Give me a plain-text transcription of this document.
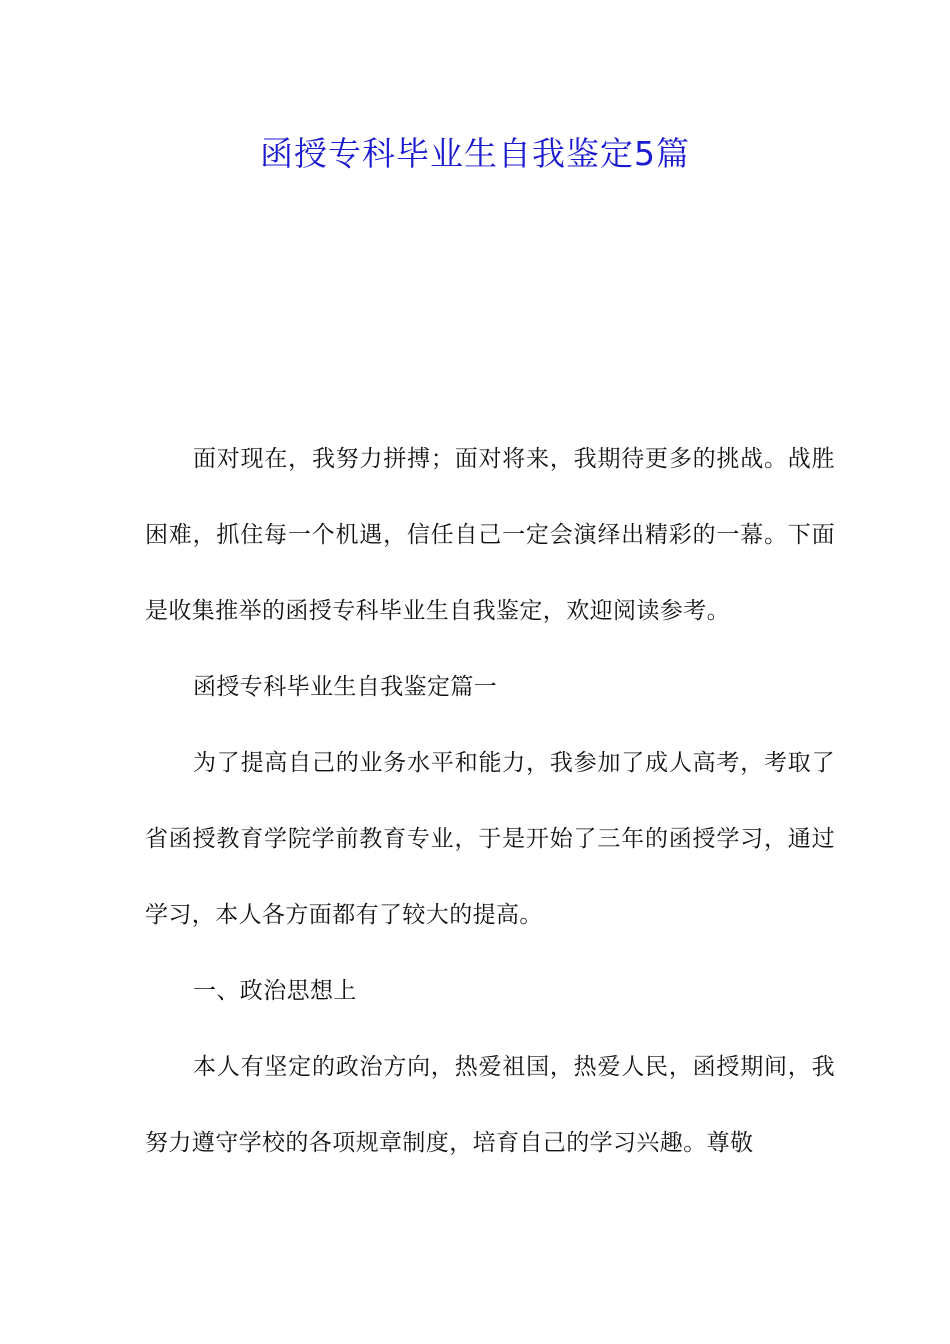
函授专科毕业生自我鉴定5篇

面对现在，我努力拼搏；面对将来，我期待更多的挑战。战胜困难，抓住每一个机遇，信任自己一定会演绎出精彩的一幕。下面是收集推举的函授专科毕业生自我鉴定，欢迎阅读参考。

函授专科毕业生自我鉴定篇一

为了提高自己的业务水平和能力，我参加了成人高考，考取了省函授教育学院学前教育专业，于是开始了三年的函授学习，通过学习，本人各方面都有了较大的提高。

一、政治思想上

本人有坚定的政治方向，热爱祖国，热爱人民，函授期间，我努力遵守学校的各项规章制度，培育自己的学习兴趣。尊敬
